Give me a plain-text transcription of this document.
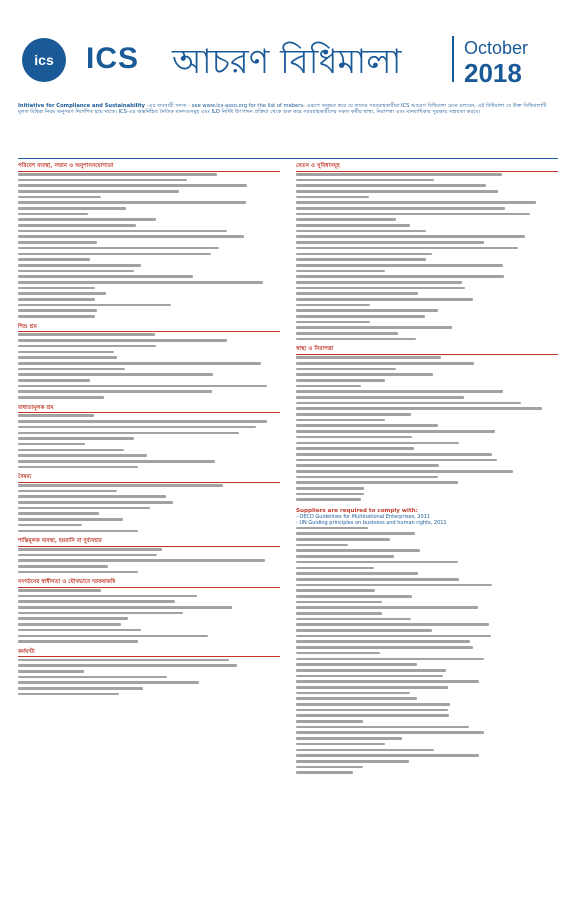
ics ICS আচরণ বিধিমালা	October
2018
Initiative for Compliance and Sustainability -এর ব্যবসায়ী সদস্য - see www.ics-asso.org for the list of mebers- এরূপে অনুভব করে যে তাদের সরবরাহকারীরা ICS আচরণ বিধিমালা মেনে চলবেন, এই বিধিমালা যে উক্ত বিধিমালাটি মূলত বিভিন্ন নিয়ম অনুসরণ নির্দেশিত হয়ে থাকে। ICS-এর অন্তর্নিহিত নৈতিক মানদণ্ডসমূহ এবং ILO নির্দিষ্ট উৎপাদন প্রক্রিয়া থেকে শুরু করে সরবরাহকারীদের সকল কর্মীর স্বাস্থ্য, নিরাপত্তা এবং মানবাধিকার সুরক্ষায় সহায়তা করবে।
পরিবেশ ব্যবস্থা, সম্মান ও অনুশাসনযোগ্যতা
শিশু শ্রম
বাধ্যতামূলক শ্রম
বৈষম্য
শাস্তিমূলক ব্যবস্থা, হয়রানি বা দুর্ব্যবহার
সংগঠনের স্বাধীনতা ও যৌথভাবে দরকষাকষি
কর্মঘণ্টা
বেতন ও সুবিধাসমূহ
স্বাস্থ্য ও নিরাপত্তা
Suppliers are required to comply with:
- OECD Guidelines for Multinational Enterprises, 2011
- UN Guiding principles on business and human rights, 2011
